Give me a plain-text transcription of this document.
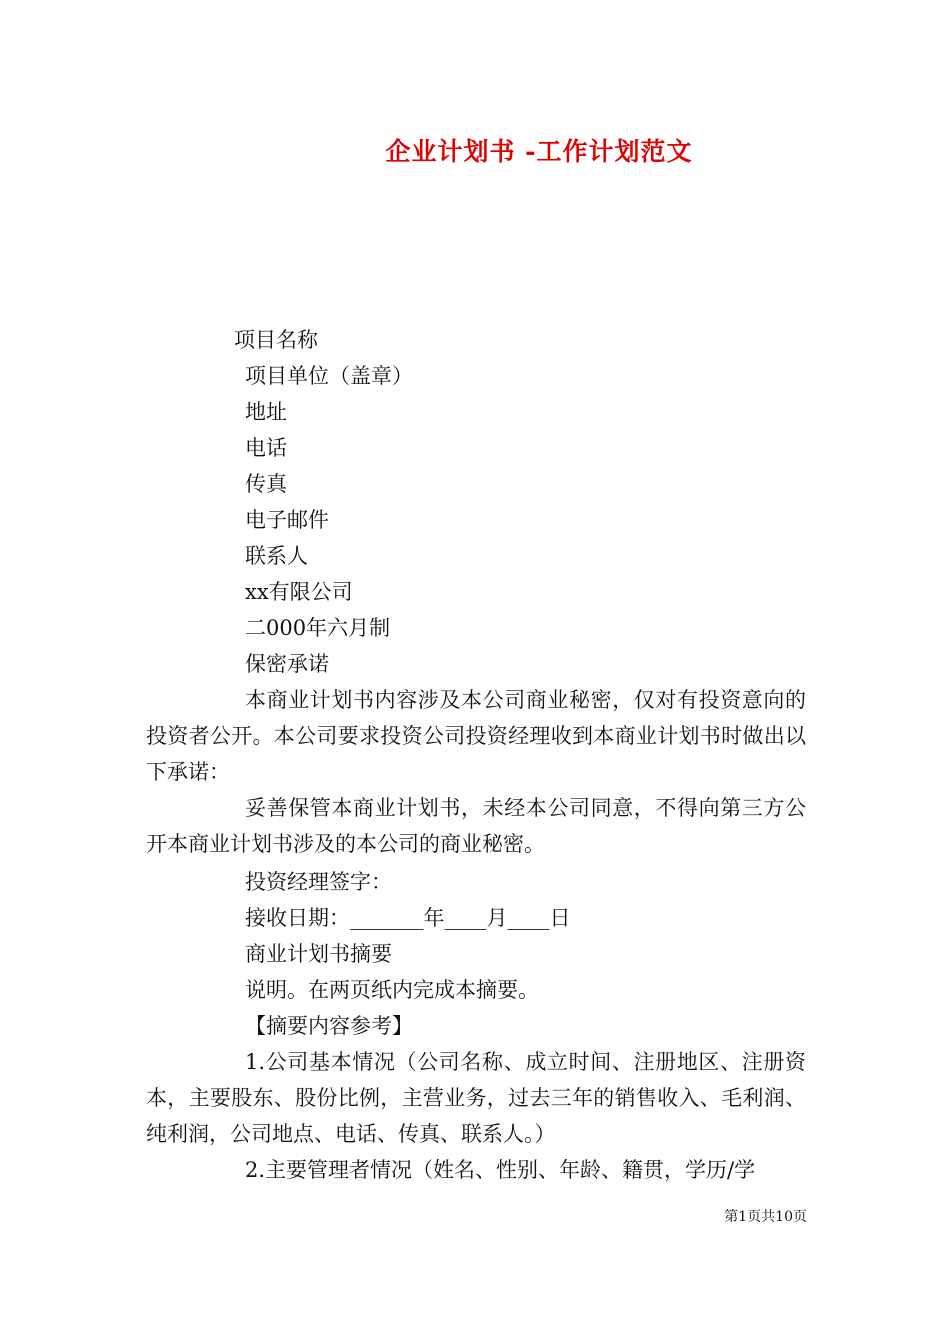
企业计划书 -工作计划范文
项目名称
项目单位（盖章）
地址
电话
传真
电子邮件
联系人
xx有限公司
二000年六月制
保密承诺
本商业计划书内容涉及本公司商业秘密，仅对有投资意向的投资者公开。本公司要求投资公司投资经理收到本商业计划书时做出以下承诺：
妥善保管本商业计划书，未经本公司同意，不得向第三方公开本商业计划书涉及的本公司的商业秘密。
投资经理签字：
接收日期：_______年____月____日
商业计划书摘要
说明。在两页纸内完成本摘要。
【摘要内容参考】
1.公司基本情况（公司名称、成立时间、注册地区、注册资本，主要股东、股份比例，主营业务，过去三年的销售收入、毛利润、纯利润，公司地点、电话、传真、联系人。）
2.主要管理者情况（姓名、性别、年龄、籍贯，学历/学
第1页共10页
